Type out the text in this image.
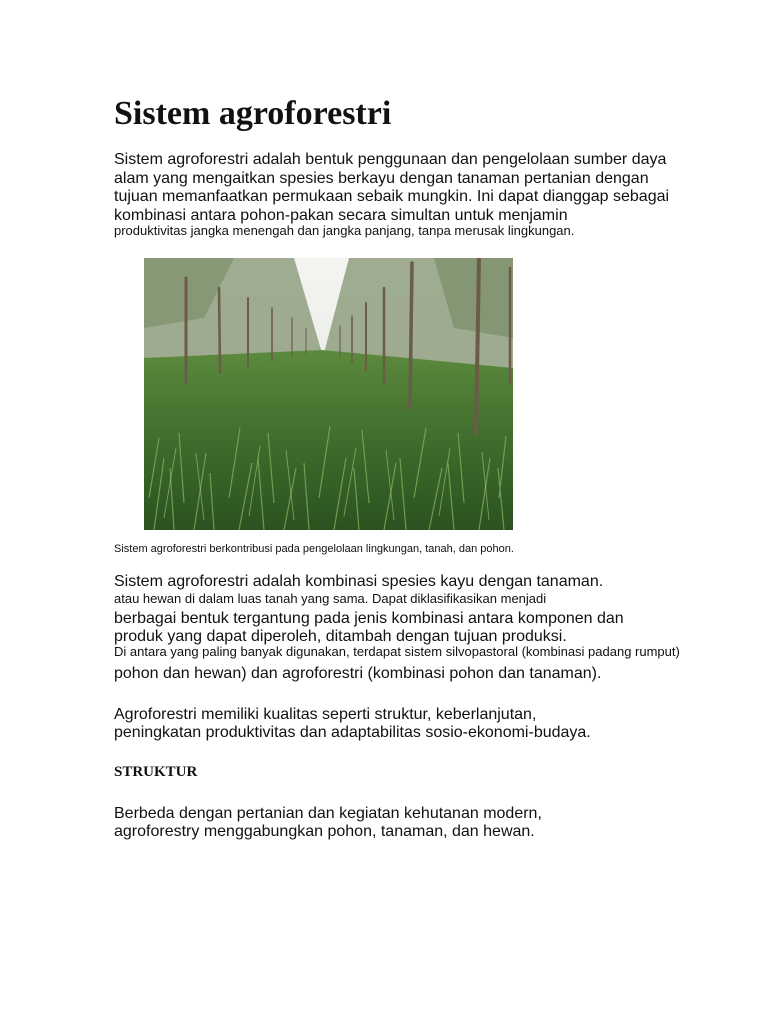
Sistem agroforestri

Sistem agroforestri adalah bentuk penggunaan dan pengelolaan sumber daya

alam yang mengaitkan spesies berkayu dengan tanaman pertanian dengan

tujuan memanfaatkan permukaan sebaik mungkin. Ini dapat dianggap sebagai

kombinasi antara pohon-pakan secara simultan untuk menjamin

produktivitas jangka menengah dan jangka panjang, tanpa merusak lingkungan.

Sistem agroforestri berkontribusi pada pengelolaan lingkungan, tanah, dan pohon.

Sistem agroforestri adalah kombinasi spesies kayu dengan tanaman.

atau hewan di dalam luas tanah yang sama. Dapat diklasifikasikan menjadi

berbagai bentuk tergantung pada jenis kombinasi antara komponen dan

produk yang dapat diperoleh, ditambah dengan tujuan produksi.

Di antara yang paling banyak digunakan, terdapat sistem silvopastoral (kombinasi padang rumput)

pohon dan hewan) dan agroforestri (kombinasi pohon dan tanaman).

Agroforestri memiliki kualitas seperti struktur, keberlanjutan,

peningkatan produktivitas dan adaptabilitas sosio-ekonomi-budaya.

STRUKTUR

Berbeda dengan pertanian dan kegiatan kehutanan modern,

agroforestry menggabungkan pohon, tanaman, dan hewan.
